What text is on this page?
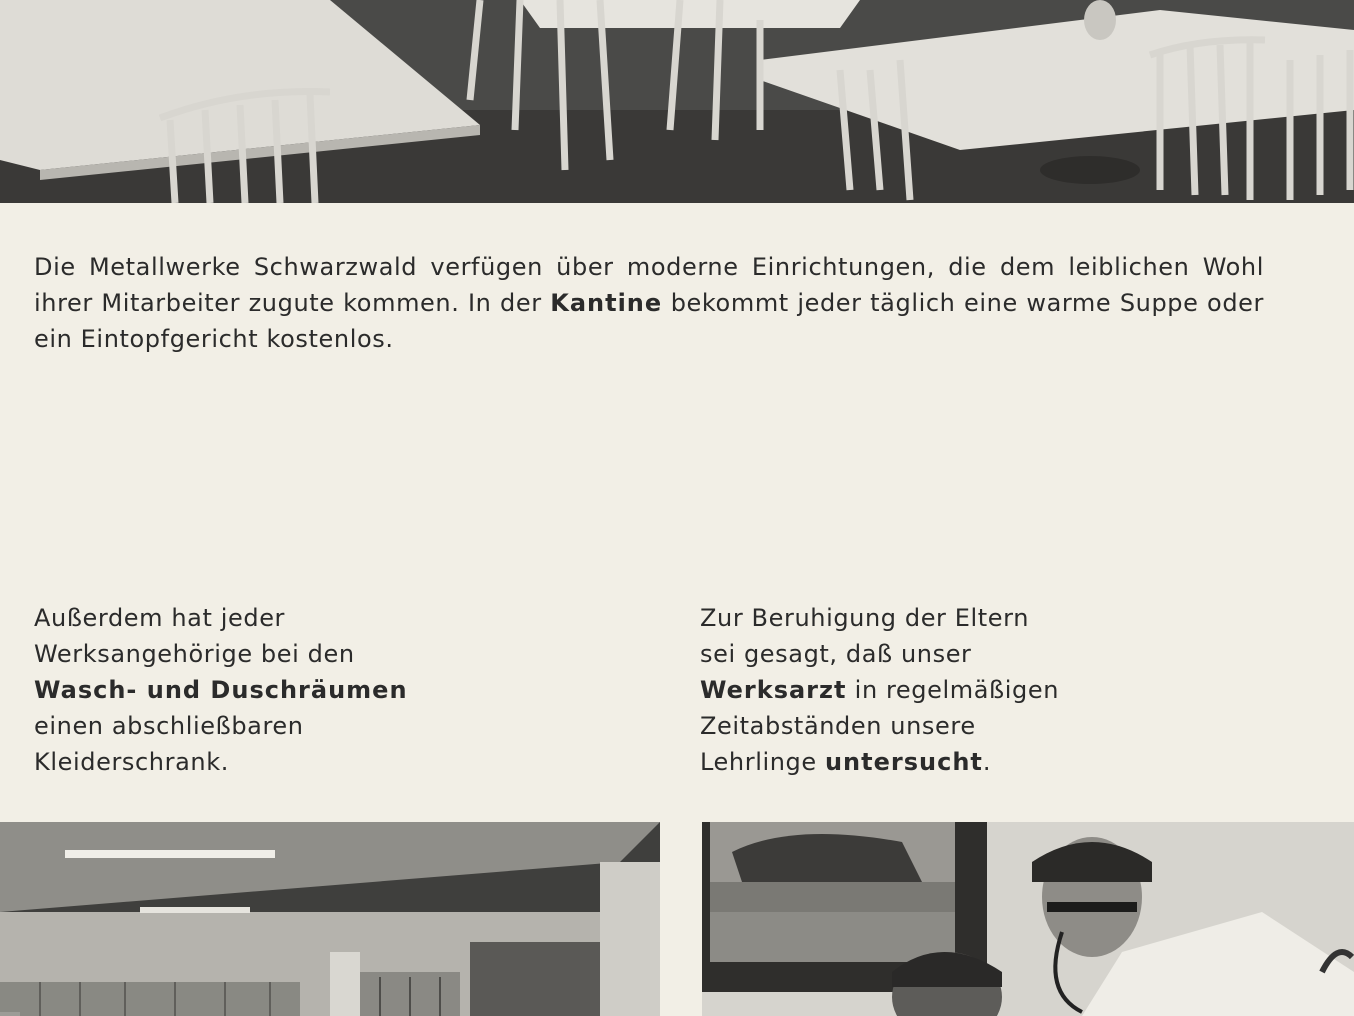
Die Metallwerke Schwarzwald verfügen über moderne Einrichtungen, die dem leiblichen Wohl ihrer Mitarbeiter zugute kommen. In der Kantine bekommt jeder täglich eine warme Suppe oder ein Eintopfgericht kostenlos.
Außerdem hat jeder
Werksangehörige bei den
Wasch- und Duschräumen
einen abschließbaren
Kleiderschrank.
Zur Beruhigung der Eltern
sei gesagt, daß unser
Werksarzt in regelmäßigen
Zeitabständen unsere
Lehrlinge untersucht.
